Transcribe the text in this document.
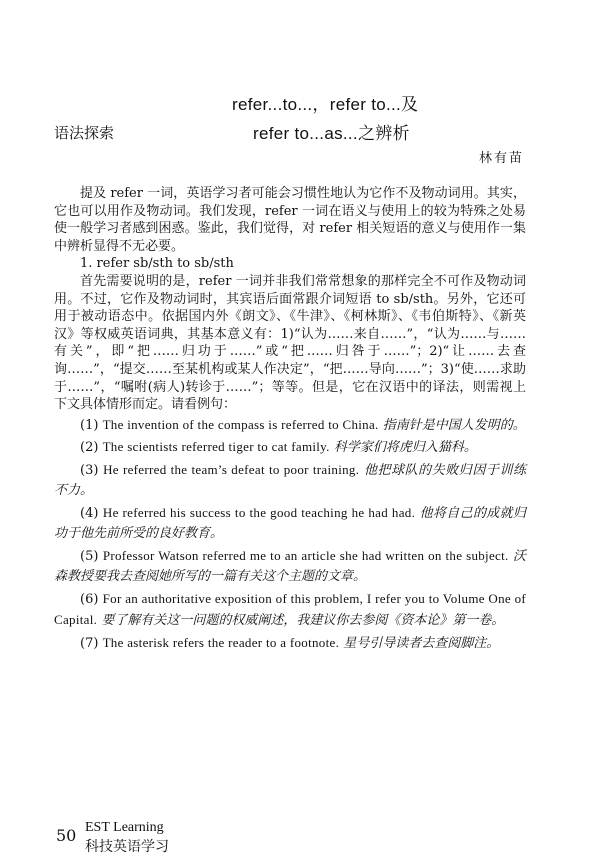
refer...to...，refer to...及
语法探索	refer to...as...之辨析
林有苗

提及 refer 一词，英语学习者可能会习惯性地认为它作不及物动词用。其实，它也可以用作及物动词。我们发现，refer 一词在语义与使用上的较为特殊之处易使一般学习者感到困惑。鉴此，我们觉得，对 refer 相关短语的意义与使用作一集中辨析显得不无必要。

1. refer sb/sth to sb/sth

首先需要说明的是，refer 一词并非我们常常想象的那样完全不可作及物动词用。不过，它作及物动词时，其宾语后面常跟介词短语 to sb/sth。另外，它还可用于被动语态中。依据国内外《朗文》、《牛津》、《柯林斯》、《韦伯斯特》、《新英汉》等权威英语词典，其基本意义有：1)“认为……来自……”，“认为……与……有关”，即“把……归功于……”或“把……归咎于……”；2)“让……去查询……”，“提交……至某机构或某人作决定”，“把……导向……”；3)“使……求助于……”，“嘱咐(病人)转诊于……”；等等。但是，它在汉语中的译法，则需视上下文具体情形而定。请看例句：

(1) The invention of the compass is referred to China. 指南针是中国人发明的。

(2) The scientists referred tiger to cat family. 科学家们将虎归入猫科。

(3) He referred the team’s defeat to poor training. 他把球队的失败归因于训练不力。

(4) He referred his success to the good teaching he had had. 他将自己的成就归功于他先前所受的良好教育。

(5) Professor Watson referred me to an article she had written on the subject. 沃森教授要我去查阅她所写的一篇有关这个主题的文章。

(6) For an authoritative exposition of this problem, I refer you to Volume One of Capital. 要了解有关这一问题的权威阐述，我建议你去参阅《资本论》第一卷。

(7) The asterisk refers the reader to a footnote. 星号引导读者去查阅脚注。

50 EST Learning
科技英语学习
